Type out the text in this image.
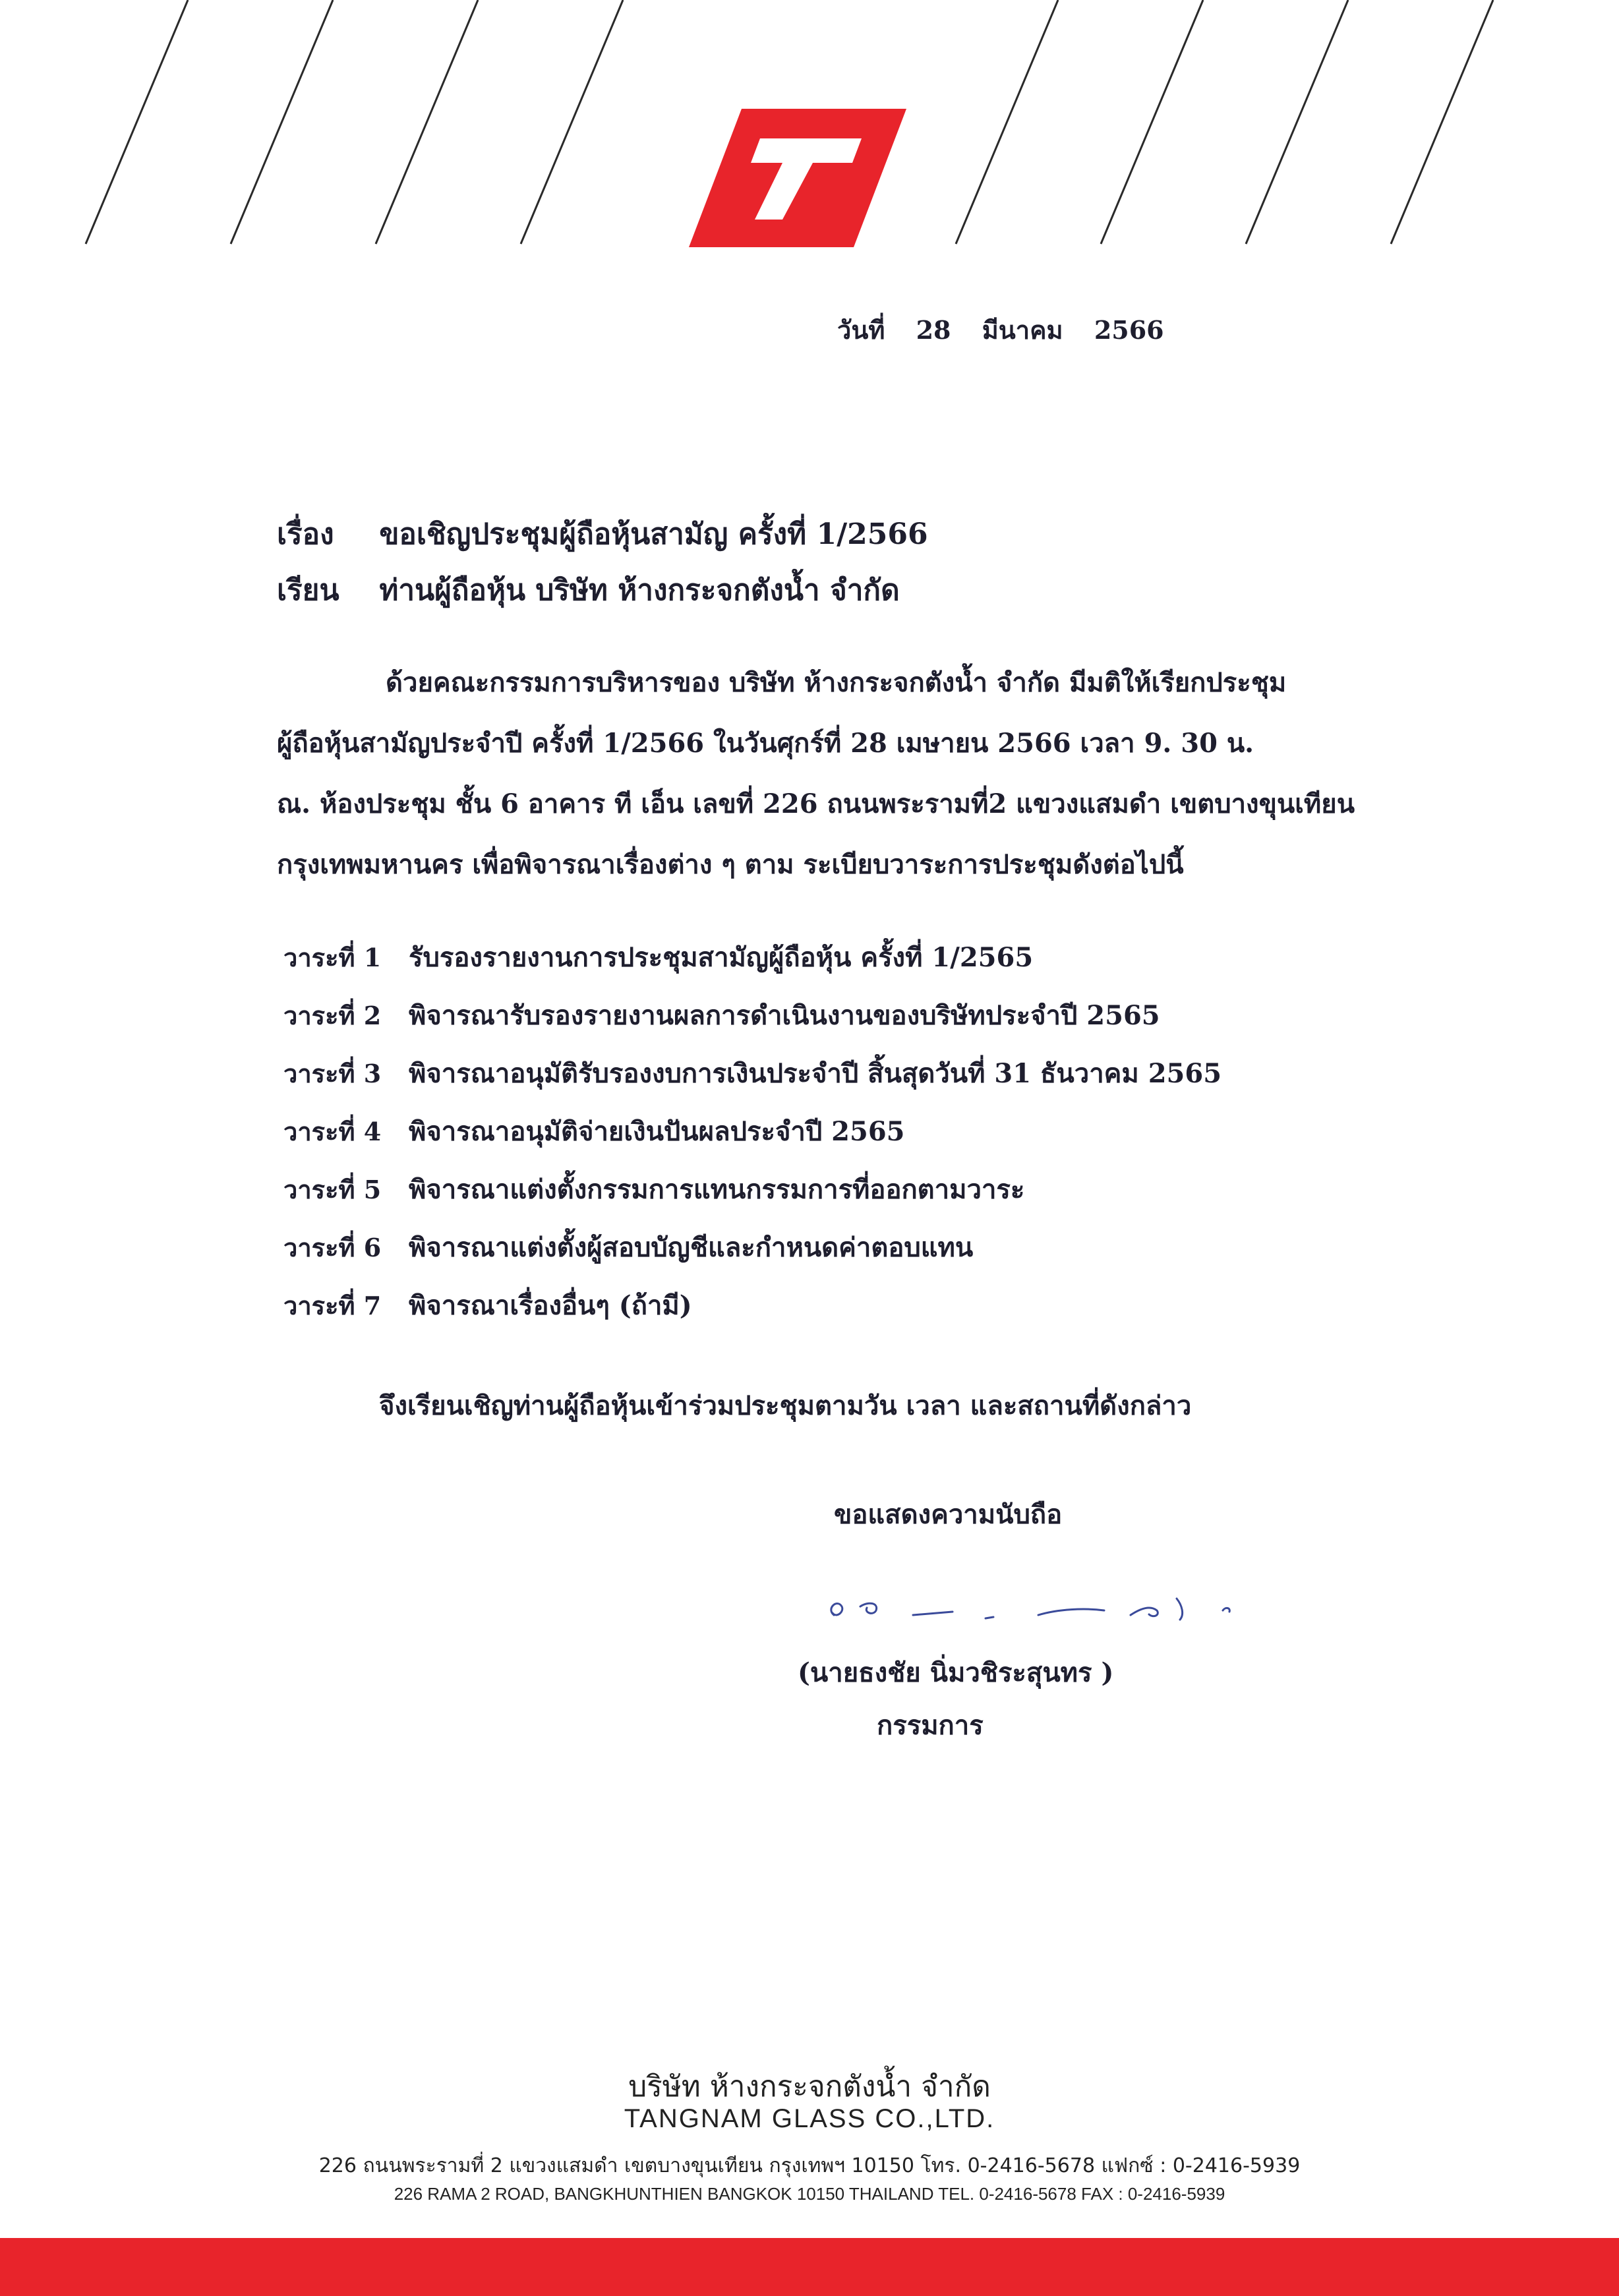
วันที่ 28 มีนาคม 2566
เรื่อง ขอเชิญประชุมผู้ถือหุ้นสามัญ ครั้งที่ 1/2566
เรียน ท่านผู้ถือหุ้น บริษัท ห้างกระจกตังน้ำ จำกัด
ด้วยคณะกรรมการบริหารของ บริษัท ห้างกระจกตังน้ำ จำกัด มีมติให้เรียกประชุม
ผู้ถือหุ้นสามัญประจำปี ครั้งที่ 1/2566 ในวันศุกร์ที่ 28 เมษายน 2566 เวลา 9. 30 น.
ณ. ห้องประชุม ชั้น 6 อาคาร ที เอ็น เลขที่ 226 ถนนพระรามที่2 แขวงแสมดำ เขตบางขุนเทียน
กรุงเทพมหานคร เพื่อพิจารณาเรื่องต่าง ๆ ตาม ระเบียบวาระการประชุมดังต่อไปนี้
วาระที่ 1 รับรองรายงานการประชุมสามัญผู้ถือหุ้น ครั้งที่ 1/2565
วาระที่ 2 พิจารณารับรองรายงานผลการดำเนินงานของบริษัทประจำปี 2565
วาระที่ 3 พิจารณาอนุมัติรับรองงบการเงินประจำปี สิ้นสุดวันที่ 31 ธันวาคม 2565
วาระที่ 4 พิจารณาอนุมัติจ่ายเงินปันผลประจำปี 2565
วาระที่ 5 พิจารณาแต่งตั้งกรรมการแทนกรรมการที่ออกตามวาระ
วาระที่ 6 พิจารณาแต่งตั้งผู้สอบบัญชีและกำหนดค่าตอบแทน
วาระที่ 7 พิจารณาเรื่องอื่นๆ (ถ้ามี)
จึงเรียนเชิญท่านผู้ถือหุ้นเข้าร่วมประชุมตามวัน เวลา และสถานที่ดังกล่าว
ขอแสดงความนับถือ
(นายธงชัย นิ่มวชิระสุนทร )
กรรมการ
บริษัท ห้างกระจกตังน้ำ จำกัด
TANGNAM GLASS CO.,LTD.
226 ถนนพระรามที่ 2 แขวงแสมดำ เขตบางขุนเทียน กรุงเทพฯ 10150 โทร. 0-2416-5678 แฟกซ์ : 0-2416-5939
226 RAMA 2 ROAD, BANGKHUNTHIEN BANGKOK 10150 THAILAND TEL. 0-2416-5678 FAX : 0-2416-5939
